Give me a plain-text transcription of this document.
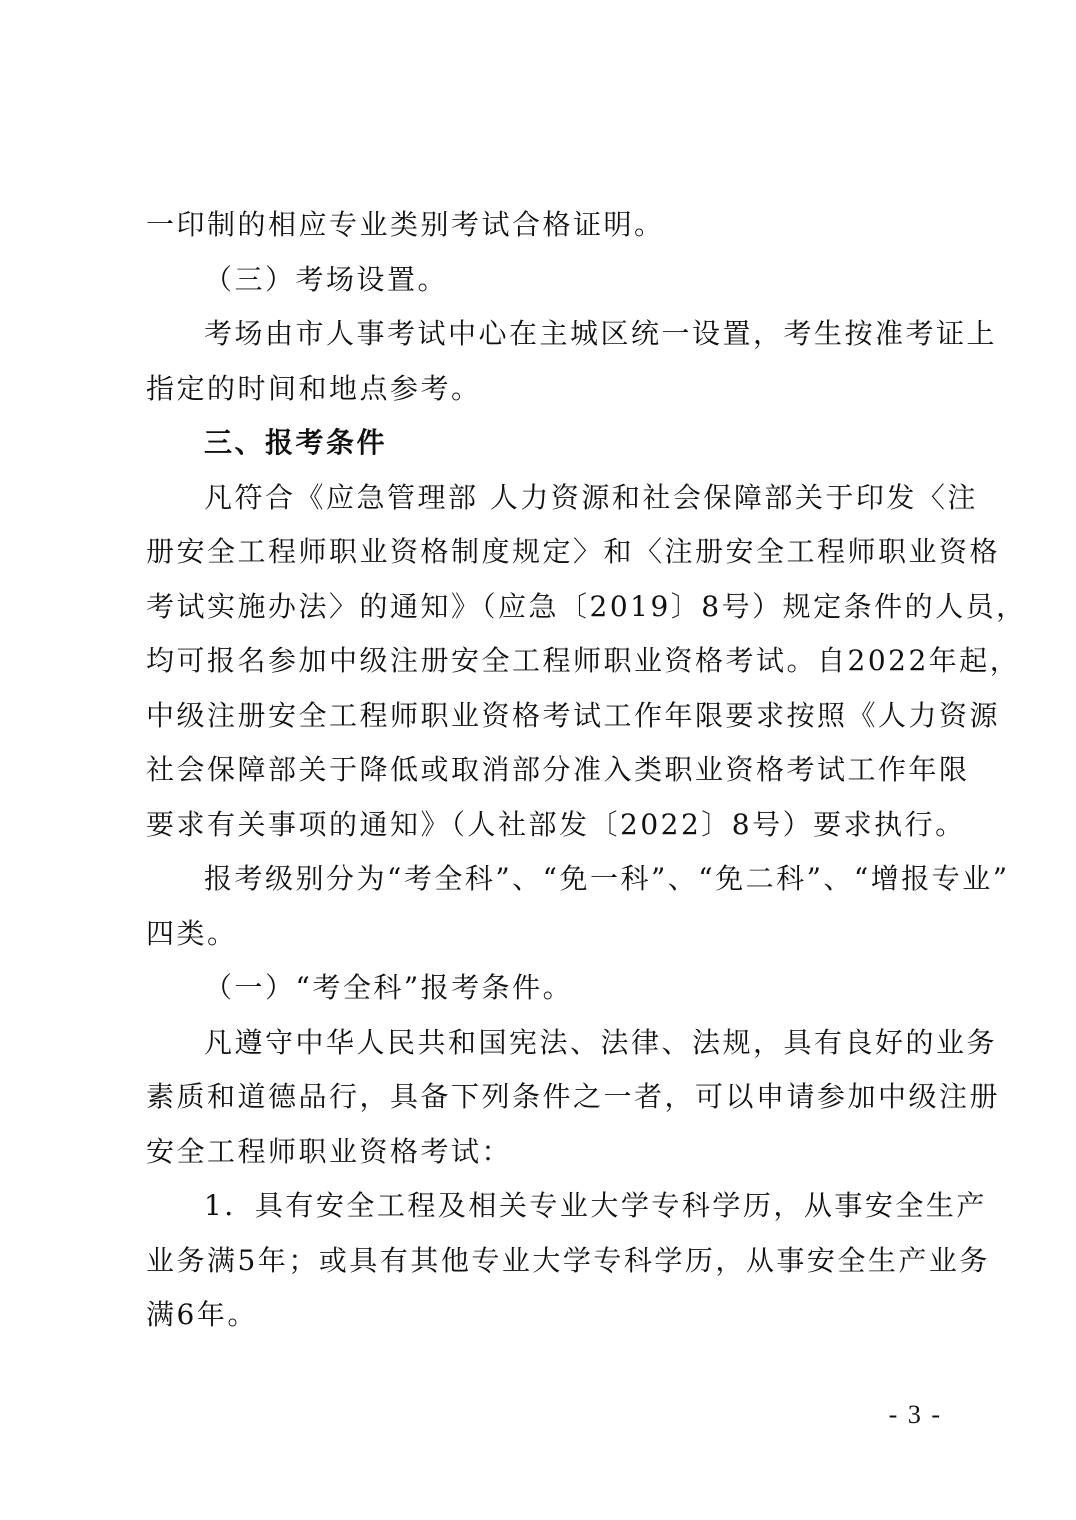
一印制的相应专业类别考试合格证明。
（三）考场设置。
考场由市人事考试中心在主城区统一设置，考生按准考证上
指定的时间和地点参考。
三、报考条件
凡符合《应急管理部 人力资源和社会保障部关于印发〈注
册安全工程师职业资格制度规定〉和〈注册安全工程师职业资格
考试实施办法〉的通知》（应急〔2019〕8号）规定条件的人员，
均可报名参加中级注册安全工程师职业资格考试。自2022年起，
中级注册安全工程师职业资格考试工作年限要求按照《人力资源
社会保障部关于降低或取消部分准入类职业资格考试工作年限
要求有关事项的通知》（人社部发〔2022〕8号）要求执行。
报考级别分为“考全科”、“免一科”、“免二科”、“增报专业”
四类。
（一）“考全科”报考条件。
凡遵守中华人民共和国宪法、法律、法规，具有良好的业务
素质和道德品行，具备下列条件之一者，可以申请参加中级注册
安全工程师职业资格考试：
1．具有安全工程及相关专业大学专科学历，从事安全生产
业务满5年；或具有其他专业大学专科学历，从事安全生产业务
满6年。
- 3 -
